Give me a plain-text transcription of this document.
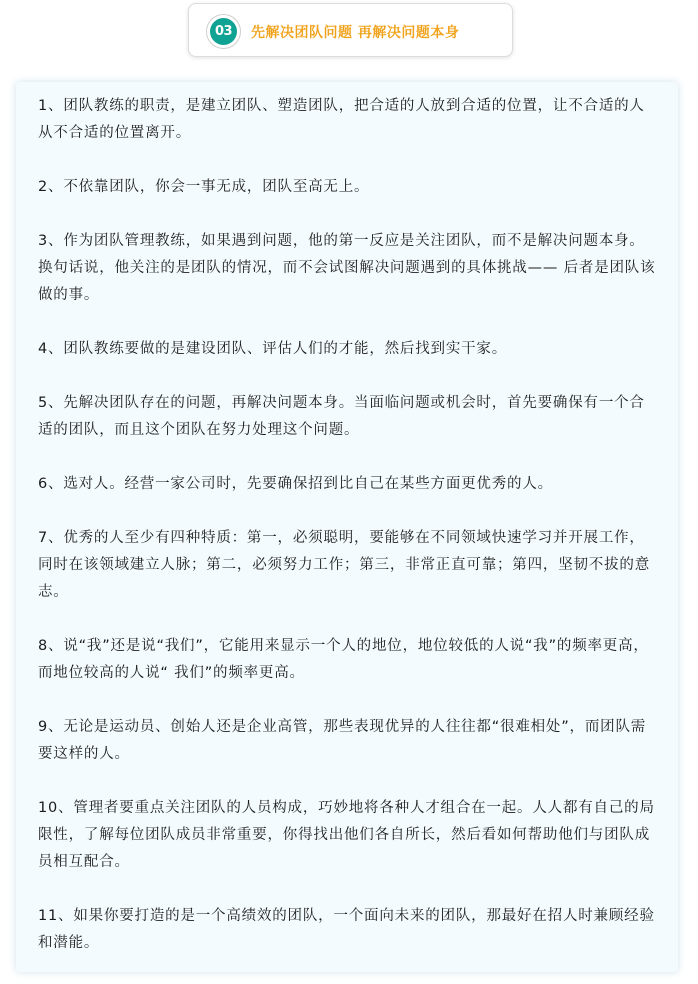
03	先解决团队问题 再解决问题本身
1、团队教练的职责，是建立团队、塑造团队，把合适的人放到合适的位置，让不合适的人从不合适的位置离开。
2、不依靠团队，你会一事无成，团队至高无上。
3、作为团队管理教练，如果遇到问题，他的第一反应是关注团队，而不是解决问题本身。换句话说，他关注的是团队的情况，而不会试图解决问题遇到的具体挑战—— 后者是团队该做的事。
4、团队教练要做的是建设团队、评估人们的才能，然后找到实干家。
5、先解决团队存在的问题，再解决问题本身。当面临问题或机会时，首先要确保有一个合适的团队，而且这个团队在努力处理这个问题。
6、选对人。经营一家公司时，先要确保招到比自己在某些方面更优秀的人。
7、优秀的人至少有四种特质：第一，必须聪明，要能够在不同领域快速学习并开展工作，同时在该领域建立人脉；第二，必须努力工作；第三，非常正直可靠；第四，坚韧不拔的意志。
8、说“我”还是说“我们”，它能用来显示一个人的地位，地位较低的人说“我”的频率更高，而地位较高的人说“ 我们”的频率更高。
9、无论是运动员、创始人还是企业高管，那些表现优异的人往往都“很难相处”，而团队需要这样的人。
10、管理者要重点关注团队的人员构成，巧妙地将各种人才组合在一起。人人都有自己的局限性，了解每位团队成员非常重要，你得找出他们各自所长，然后看如何帮助他们与团队成员相互配合。
11、如果你要打造的是一个高绩效的团队，一个面向未来的团队，那最好在招人时兼顾经验和潜能。
